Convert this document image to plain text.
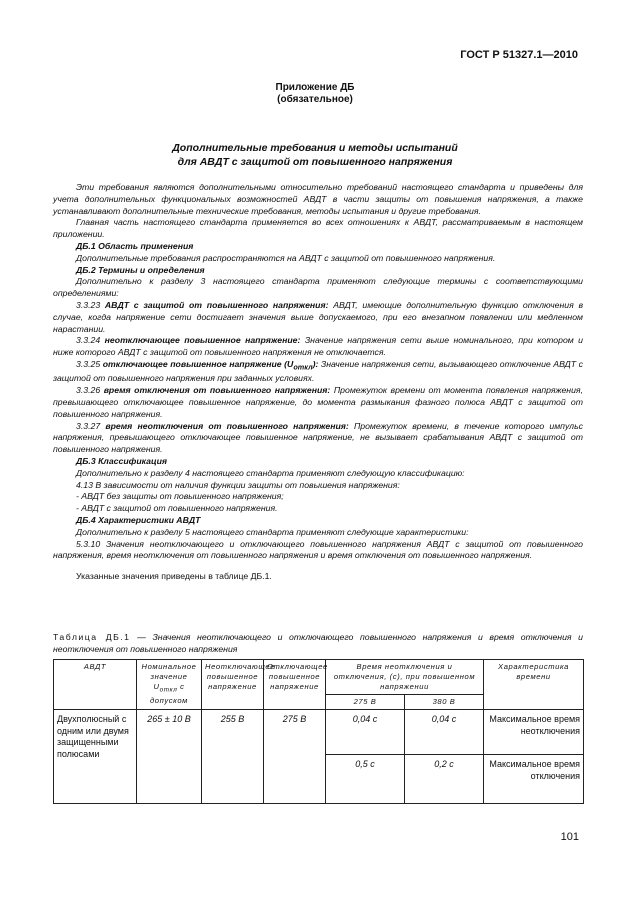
ГОСТ Р 51327.1—2010
Приложение ДБ
(обязательное)
Дополнительные требования и методы испытаний
для АВДТ с защитой от повышенного напряжения

Эти требования являются дополнительными относительно требований настоящего стандарта и приведены для учета дополнительных функциональных возможностей АВДТ в части защиты от повышения напряжения, а также устанавливают дополнительные технические требования, методы испытания и другие требования.

Главная часть настоящего стандарта применяется во всех отношениях к АВДТ, рассматриваемым в настоящем приложении.

ДБ.1 Область применения

Дополнительные требования распространяются на АВДТ с защитой от повышенного напряжения.

ДБ.2 Термины и определения

Дополнительно к разделу 3 настоящего стандарта применяют следующие термины с соответствующими определениями:

3.3.23 АВДТ с защитой от повышенного напряжения: АВДТ, имеющие дополнительную функцию отключения в случае, когда напряжение сети достигает значения выше допускаемого, при его внезапном появлении или медленном нарастании.

3.3.24 неотключающее повышенное напряжение: Значение напряжения сети выше номинального, при котором и ниже которого АВДТ с защитой от повышенного напряжения не отключается.

3.3.25 отключающее повышенное напряжение $(U_{откл})$: Значение напряжения сети, вызывающего отключение АВДТ с защитой от повышенного напряжения при заданных условиях.

3.3.26 время отключения от повышенного напряжения: Промежуток времени от момента появления напряжения, превышающего отключающее повышенное напряжение, до момента размыкания фазного полюса АВДТ с защитой от повышенного напряжения.

3.3.27 время неотключения от повышенного напряжения: Промежуток времени, в течение которого импульс напряжения, превышающего отключающее повышенное напряжение, не вызывает срабатывания АВДТ с защитой от повышенного напряжения.

ДБ.3 Классификация

Дополнительно к разделу 4 настоящего стандарта применяют следующую классификацию:

4.13 В зависимости от наличия функции защиты от повышения напряжения:

- АВДТ без защиты от повышенного напряжения;

- АВДТ с защитой от повышенного напряжения.

ДБ.4 Характеристики АВДТ

Дополнительно к разделу 5 настоящего стандарта применяют следующие характеристики:

5.3.10 Значения неотключающего и отключающего повышенного напряжения АВДТ с защитой от повышенного напряжения, время неотключения от повышенного напряжения и время отключения от повышенного напряжения.

Указанные значения приведены в таблице ДБ.1.

Таблица ДБ.1 — Значения неотключающего и отключающего повышенного напряжения и время отключения и неотключения от повышенного напряжения
АВДТ	Номинальное значение $U_{откл}$ с допуском	Неотключающее повышенное напряжение	Отключающее повышенное напряжение	Время неотключения и отключения, (с), при повышенном напряжении		Характеристика времени
				275 В	380 В	
Двухполюсный с одним или двумя защищенными полюсами	265 ± 10 В	255 В	275 В	0,04 с	0,04 с	Максимальное время неотключения
				0,5 с	0,2 с	Максимальное время отключения
101
